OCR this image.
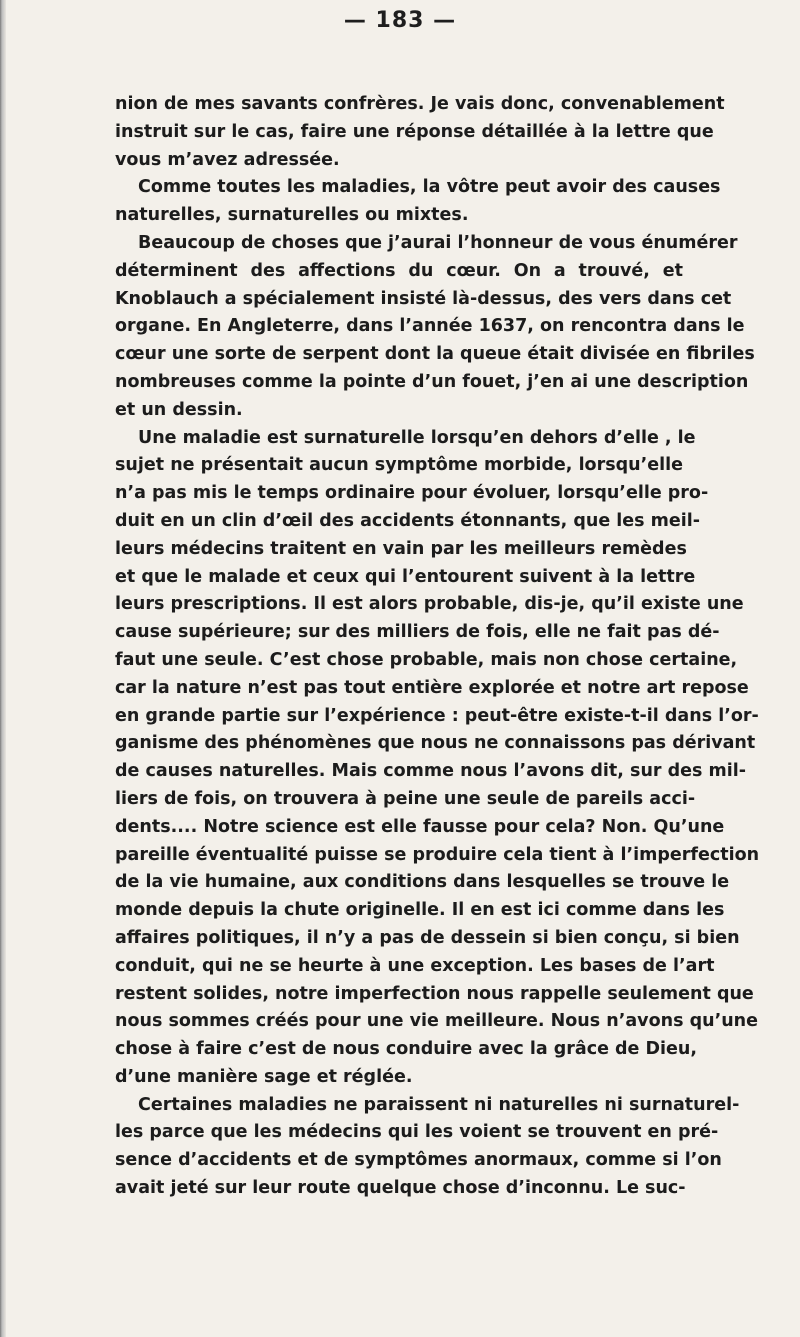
— 183 —
nion de mes savants confrères. Je vais donc, convenablement
instruit sur le cas, faire une réponse détaillée à la lettre que
vous m’avez adressée.
Comme toutes les maladies, la vôtre peut avoir des causes
naturelles, surnaturelles ou mixtes.
Beaucoup de choses que j’aurai l’honneur de vous énumérer
déterminent des affections du cœur. On a trouvé, et
Knoblauch a spécialement insisté là-dessus, des vers dans cet
organe. En Angleterre, dans l’année 1637, on rencontra dans le
cœur une sorte de serpent dont la queue était divisée en fibriles
nombreuses comme la pointe d’un fouet, j’en ai une description
et un dessin.
Une maladie est surnaturelle lorsqu’en dehors d’elle , le
sujet ne présentait aucun symptôme morbide, lorsqu’elle
n’a pas mis le temps ordinaire pour évoluer, lorsqu’elle pro-
duit en un clin d’œil des accidents étonnants, que les meil-
leurs médecins traitent en vain par les meilleurs remèdes
et que le malade et ceux qui l’entourent suivent à la lettre
leurs prescriptions. Il est alors probable, dis-je, qu’il existe une
cause supérieure; sur des milliers de fois, elle ne fait pas dé-
faut une seule. C’est chose probable, mais non chose certaine,
car la nature n’est pas tout entière explorée et notre art repose
en grande partie sur l’expérience : peut-être existe-t-il dans l’or-
ganisme des phénomènes que nous ne connaissons pas dérivant
de causes naturelles. Mais comme nous l’avons dit, sur des mil-
liers de fois, on trouvera à peine une seule de pareils acci-
dents.... Notre science est elle fausse pour cela? Non. Qu’une
pareille éventualité puisse se produire cela tient à l’imperfection
de la vie humaine, aux conditions dans lesquelles se trouve le
monde depuis la chute originelle. Il en est ici comme dans les
affaires politiques, il n’y a pas de dessein si bien conçu, si bien
conduit, qui ne se heurte à une exception. Les bases de l’art
restent solides, notre imperfection nous rappelle seulement que
nous sommes créés pour une vie meilleure. Nous n’avons qu’une
chose à faire c’est de nous conduire avec la grâce de Dieu,
d’une manière sage et réglée.
Certaines maladies ne paraissent ni naturelles ni surnaturel-
les parce que les médecins qui les voient se trouvent en pré-
sence d’accidents et de symptômes anormaux, comme si l’on
avait jeté sur leur route quelque chose d’inconnu. Le suc-
